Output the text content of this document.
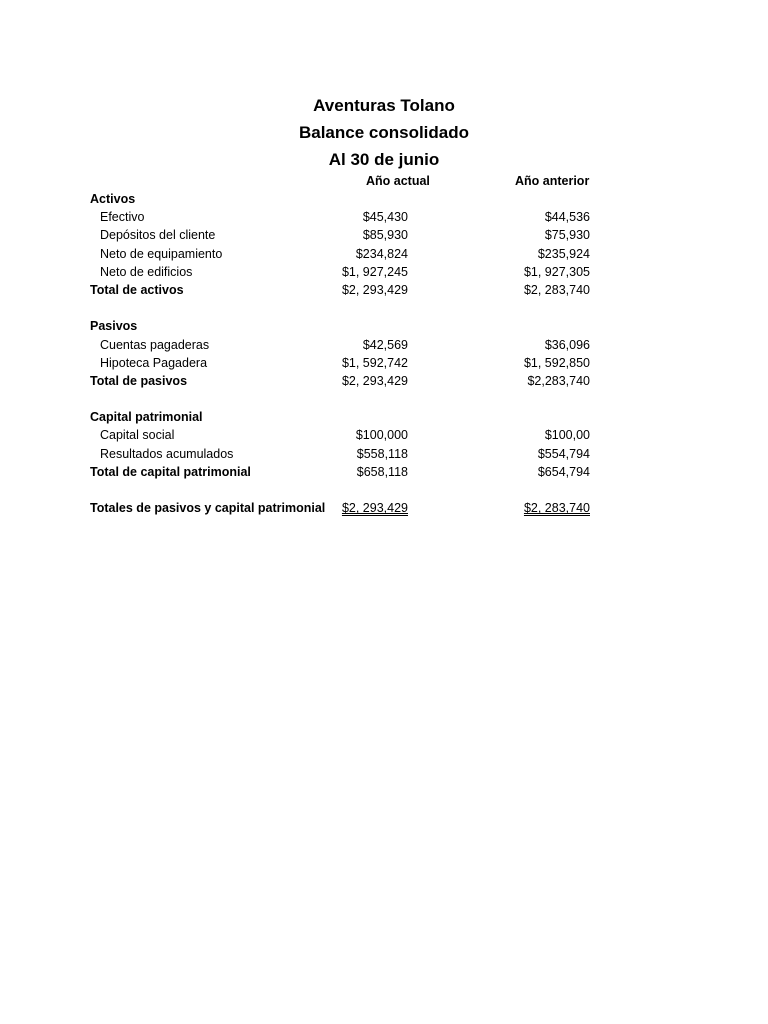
Aventuras Tolano
Balance consolidado
Al 30 de junio
Año actual	Año anterior
Activos
Efectivo	$45,430	$44,536
Depósitos del cliente	$85,930	$75,930
Neto de equipamiento	$234,824	$235,924
Neto de edificios	$1, 927,245	$1, 927,305
Total de activos	$2, 293,429	$2, 283,740
Pasivos
Cuentas pagaderas	$42,569	$36,096
Hipoteca Pagadera	$1, 592,742	$1, 592,850
Total de pasivos	$2, 293,429	$2,283,740
Capital patrimonial
Capital social	$100,000	$100,00
Resultados acumulados	$558,118	$554,794
Total de capital patrimonial	$658,118	$654,794
Totales de pasivos y capital patrimonial $2, 293,429	$2, 283,740
